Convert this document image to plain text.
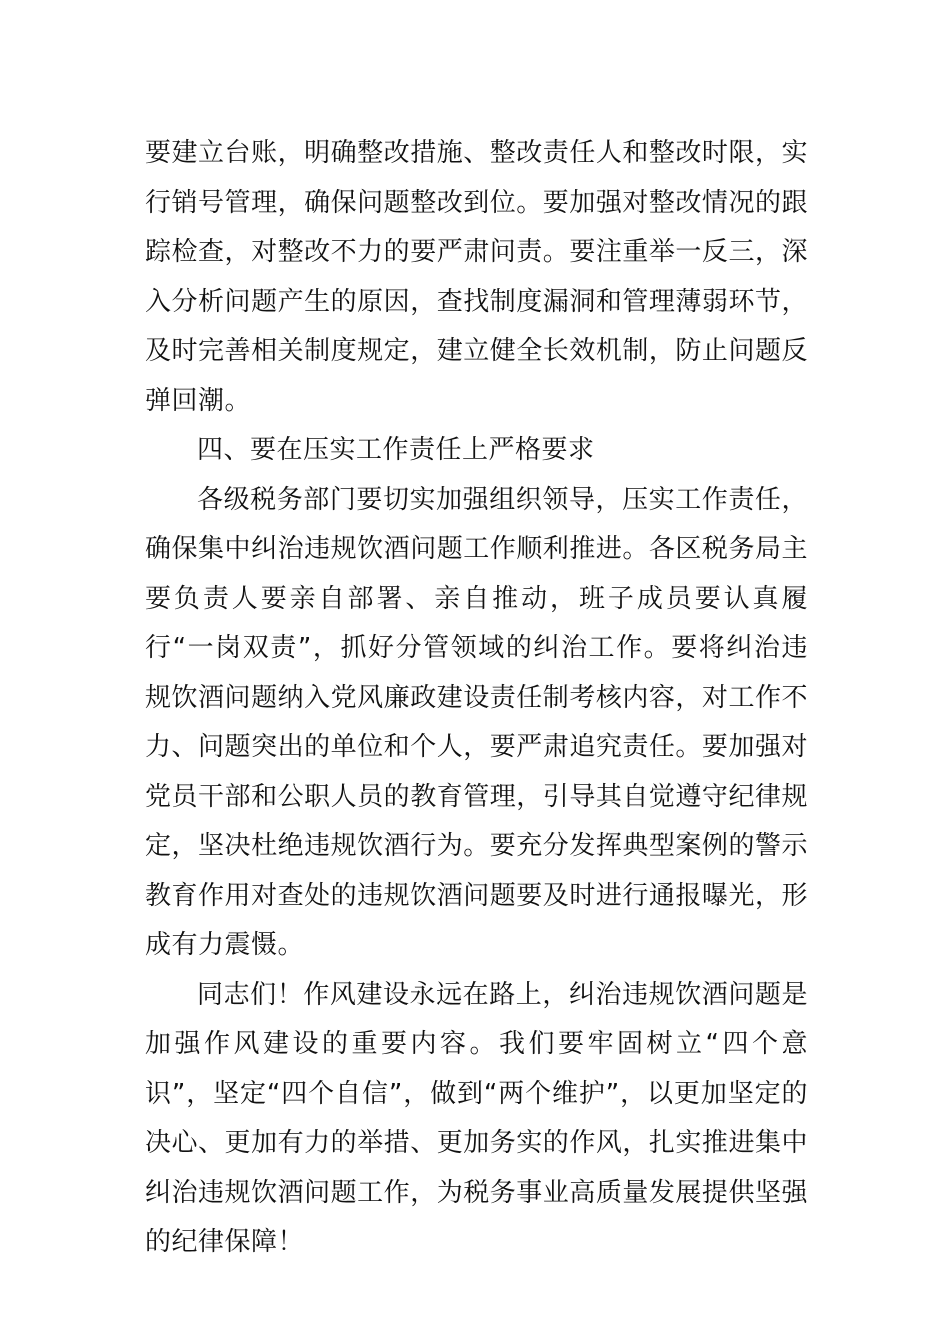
要建立台账，明确整改措施、整改责任人和整改时限，实行销号管理，确保问题整改到位。要加强对整改情况的跟踪检查，对整改不力的要严肃问责。要注重举一反三，深入分析问题产生的原因，查找制度漏洞和管理薄弱环节，及时完善相关制度规定，建立健全长效机制，防止问题反弹回潮。

四、要在压实工作责任上严格要求

各级税务部门要切实加强组织领导，压实工作责任，确保集中纠治违规饮酒问题工作顺利推进。各区税务局主要负责人要亲自部署、亲自推动，班子成员要认真履行“一岗双责”，抓好分管领域的纠治工作。要将纠治违规饮酒问题纳入党风廉政建设责任制考核内容，对工作不力、问题突出的单位和个人，要严肃追究责任。要加强对党员干部和公职人员的教育管理，引导其自觉遵守纪律规定，坚决杜绝违规饮酒行为。要充分发挥典型案例的警示教育作用对查处的违规饮酒问题要及时进行通报曝光，形成有力震慑。

同志们！作风建设永远在路上，纠治违规饮酒问题是加强作风建设的重要内容。我们要牢固树立“四个意识”，坚定“四个自信”，做到“两个维护”，以更加坚定的决心、更加有力的举措、更加务实的作风，扎实推进集中纠治违规饮酒问题工作，为税务事业高质量发展提供坚强的纪律保障！
